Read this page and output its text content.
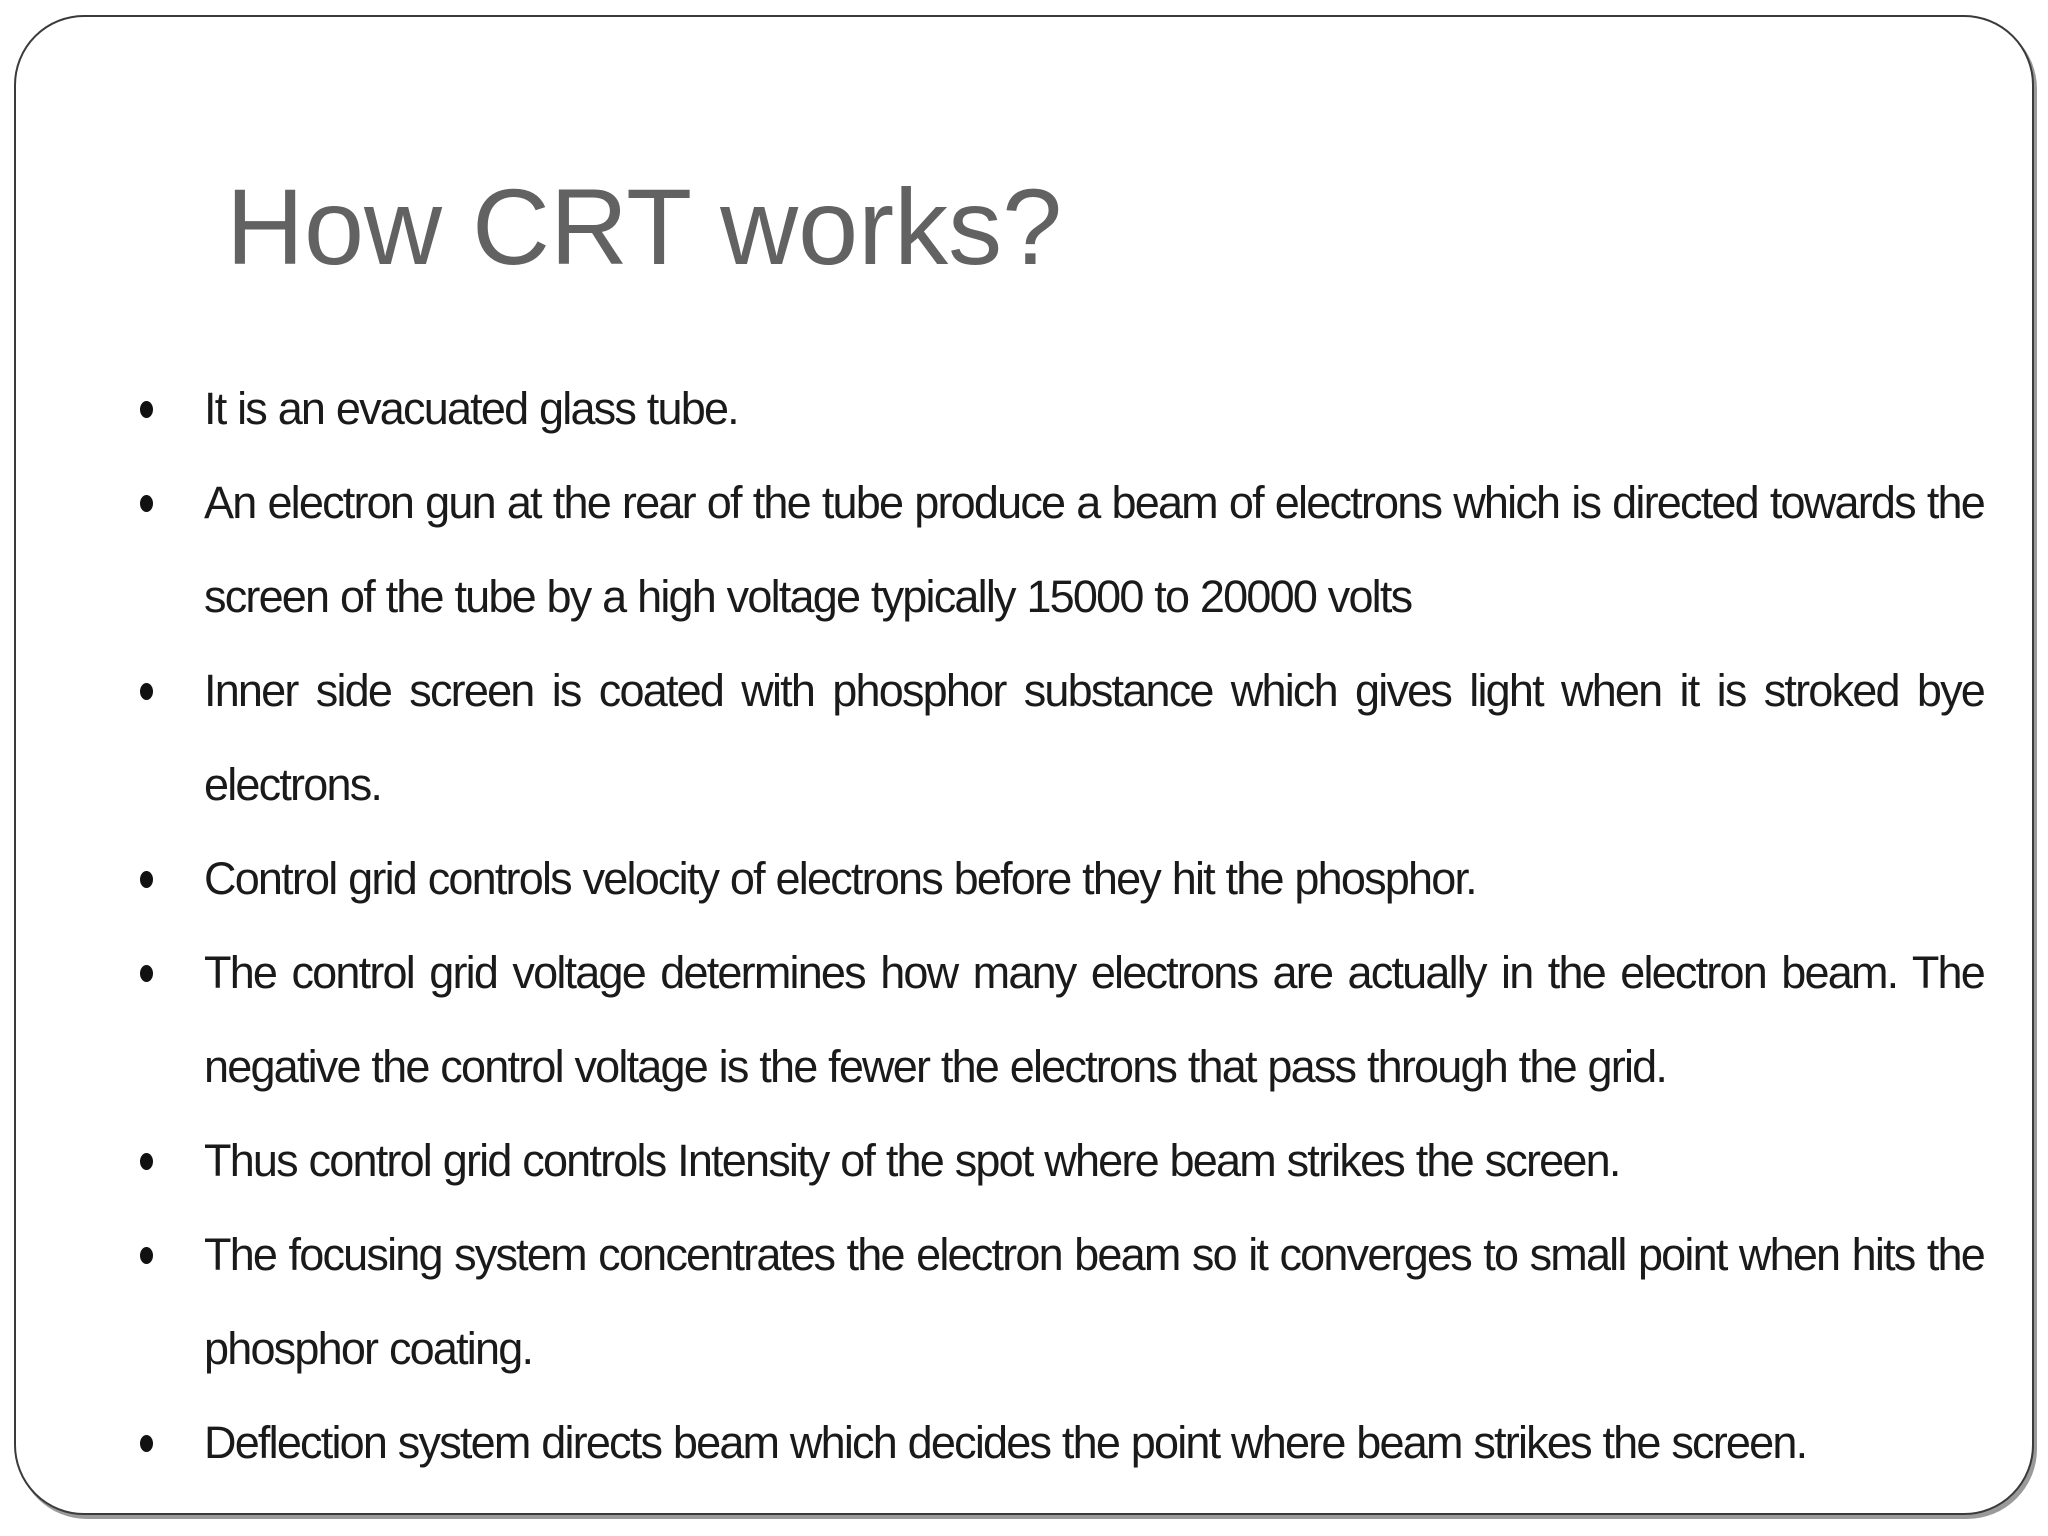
How CRT works?
It is an evacuated glass tube.
An electron gun at the rear of the tube produce a beam of electrons which is directed towards the screen of the tube by a high voltage typically 15000 to 20000 volts
Inner side screen is coated with phosphor substance which gives light when it is stroked bye electrons.
Control grid controls velocity of electrons before they hit the phosphor.
The control grid voltage determines how many electrons are actually in the electron beam. The negative the control voltage is the fewer the electrons that pass through the grid.
Thus control grid controls Intensity of the spot where beam strikes the screen.
The focusing system concentrates the electron beam so it converges to small point when hits the phosphor coating.
Deflection system directs beam which decides the point where beam strikes the screen.
